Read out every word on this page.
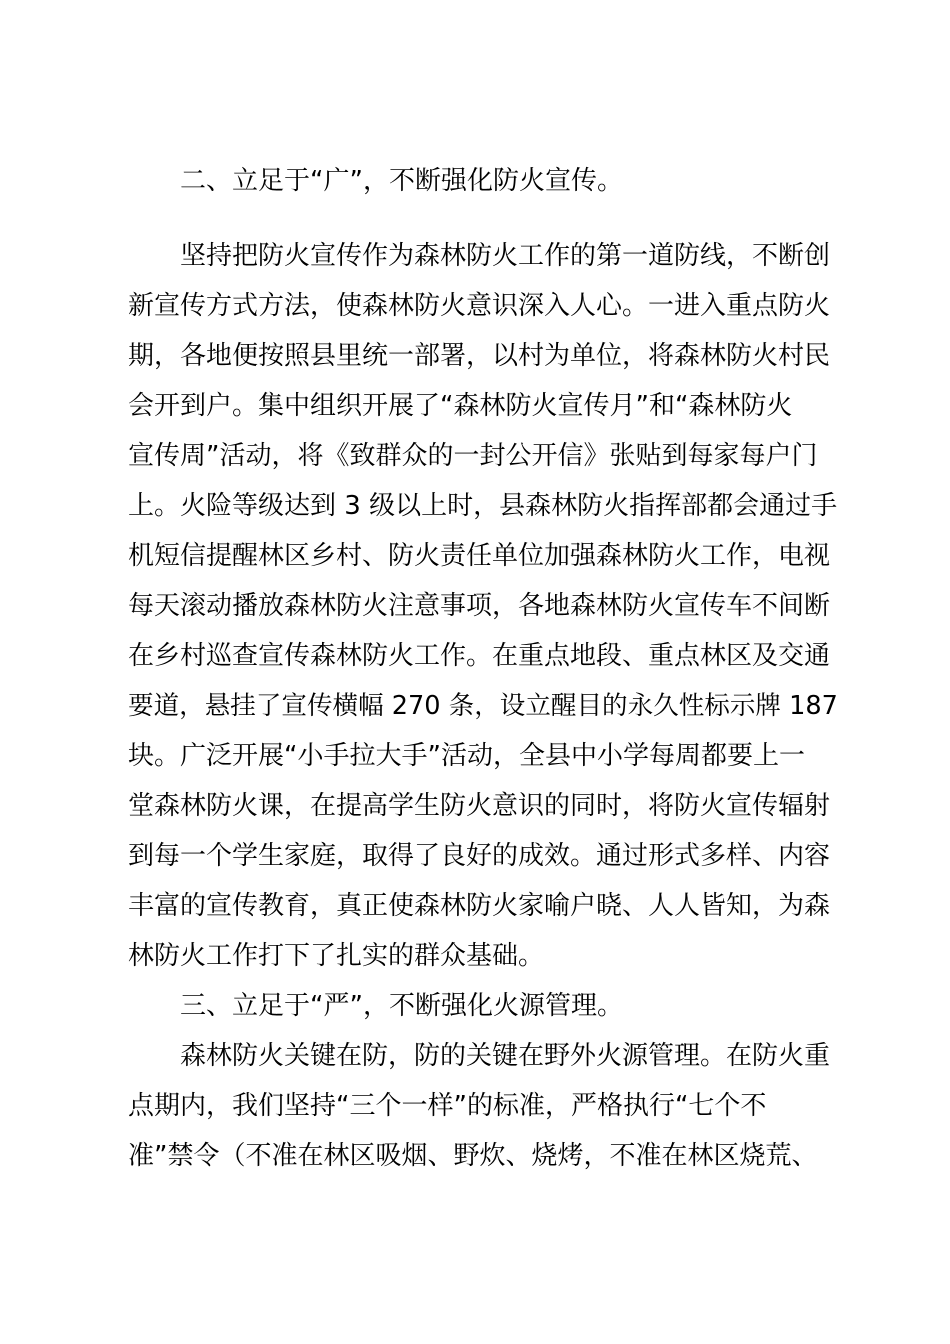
二、立足于“广”，不断强化防火宣传。
坚持把防火宣传作为森林防火工作的第一道防线，不断创
新宣传方式方法，使森林防火意识深入人心。一进入重点防火
期，各地便按照县里统一部署，以村为单位，将森林防火村民
会开到户。集中组织开展了“森林防火宣传月”和“森林防火
宣传周”活动，将《致群众的一封公开信》张贴到每家每户门
上。火险等级达到 3 级以上时，县森林防火指挥部都会通过手
机短信提醒林区乡村、防火责任单位加强森林防火工作，电视
每天滚动播放森林防火注意事项，各地森林防火宣传车不间断
在乡村巡查宣传森林防火工作。在重点地段、重点林区及交通
要道，悬挂了宣传横幅 270 条，设立醒目的永久性标示牌 187
块。广泛开展“小手拉大手”活动，全县中小学每周都要上一
堂森林防火课，在提高学生防火意识的同时，将防火宣传辐射
到每一个学生家庭，取得了良好的成效。通过形式多样、内容
丰富的宣传教育，真正使森林防火家喻户晓、人人皆知，为森
林防火工作打下了扎实的群众基础。
三、立足于“严”，不断强化火源管理。
森林防火关键在防，防的关键在野外火源管理。在防火重
点期内，我们坚持“三个一样”的标准，严格执行“七个不
准”禁令（不准在林区吸烟、野炊、烧烤，不准在林区烧荒、
